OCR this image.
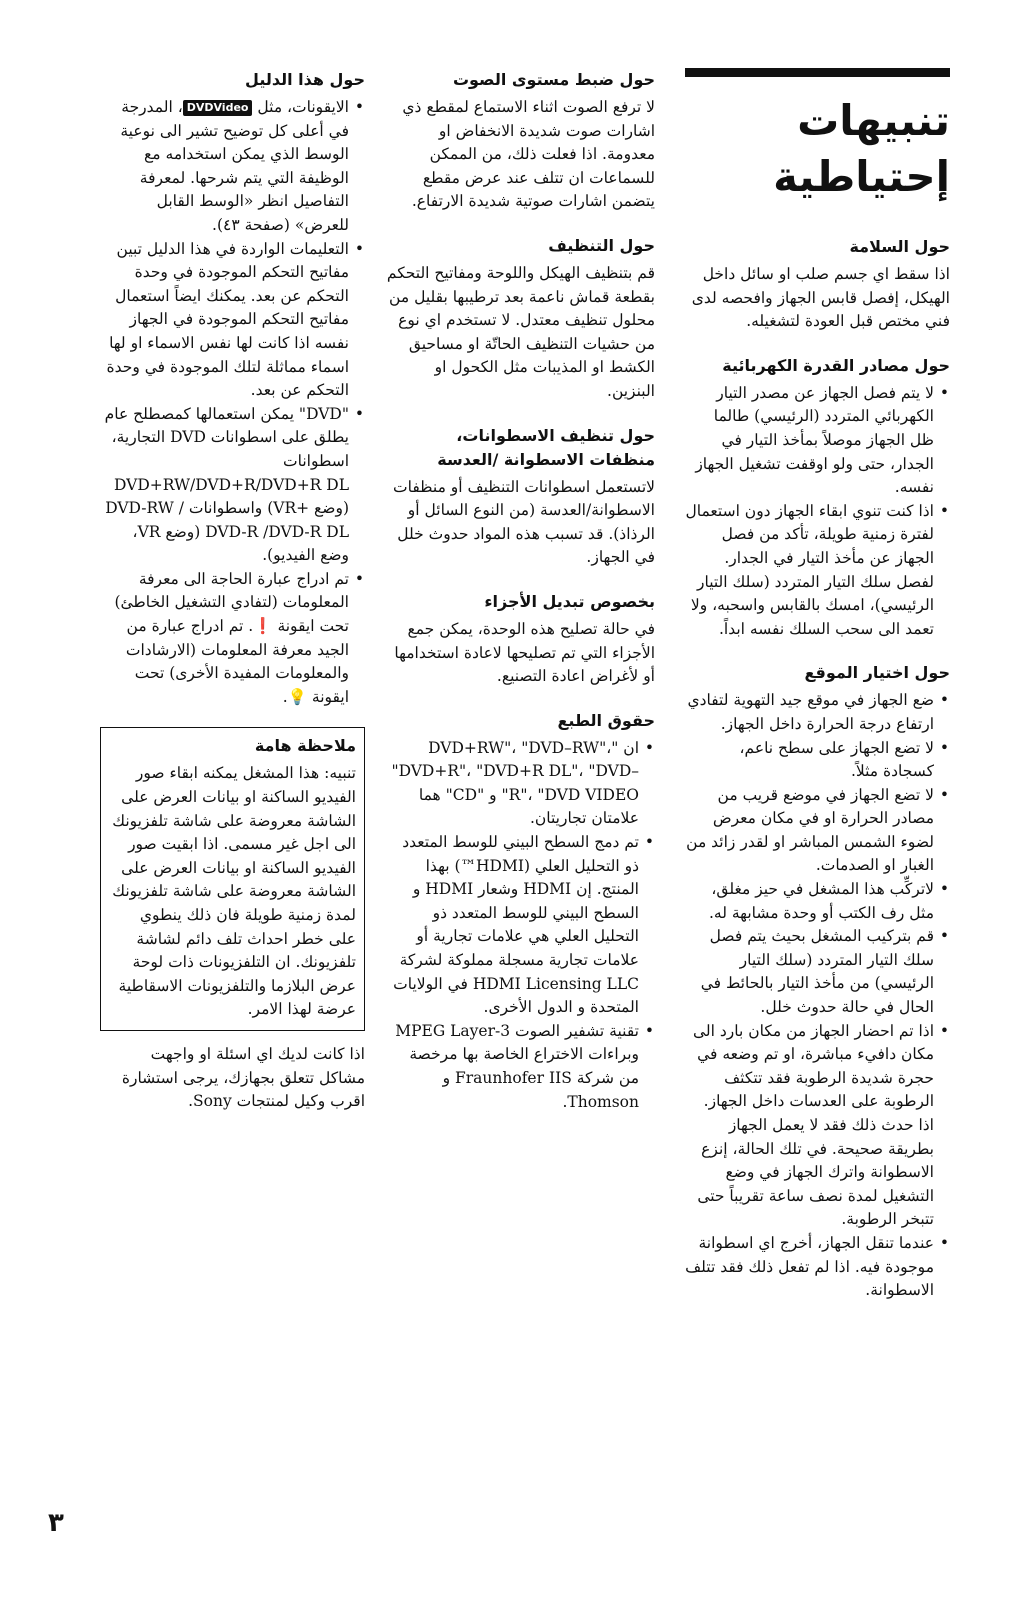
تنبيهات إحتياطية
حول السلامة

اذا سقط اي جسم صلب او سائل داخل الهيكل، إفصل قابس الجهاز وافحصه لدى فني مختص قبل العودة لتشغيله.

حول مصادر القدرة الكهربائية
• لا يتم فصل الجهاز عن مصدر التيار الكهربائي المتردد (الرئيسي) طالما ظل الجهاز موصلاً بمأخذ التيار في الجدار، حتى ولو اوقفت تشغيل الجهاز نفسه.
• اذا كنت تنوي ابقاء الجهاز دون استعمال لفترة زمنية طويلة، تأكد من فصل الجهاز عن مأخذ التيار في الجدار. لفصل سلك التيار المتردد (سلك التيار الرئيسي)، امسك بالقابس واسحبه، ولا تعمد الى سحب السلك نفسه ابداً.
حول اختيار الموقع
• ضع الجهاز في موقع جيد التهوية لتفادي ارتفاع درجة الحرارة داخل الجهاز.
• لا تضع الجهاز على سطح ناعم، كسجادة مثلاً.
• لا تضع الجهاز في موضع قريب من مصادر الحرارة او في مكان معرض لضوء الشمس المباشر او لقدر زائد من الغبار او الصدمات.
• لاتركِّب هذا المشغل في حيز مغلق، مثل رف الكتب أو وحدة مشابهة له.
• قم بتركيب المشغل بحيث يتم فصل سلك التيار المتردد (سلك التيار الرئيسي) من مأخذ التيار بالحائط في الحال في حالة حدوث خلل.
• اذا تم احضار الجهاز من مكان بارد الى مكان دافيء مباشرة، او تم وضعه في حجرة شديدة الرطوبة فقد تتكثف الرطوبة على العدسات داخل الجهاز. اذا حدث ذلك فقد لا يعمل الجهاز بطريقة صحيحة. في تلك الحالة، إنزع الاسطوانة واترك الجهاز في وضع التشغيل لمدة نصف ساعة تقريباً حتى تتبخر الرطوبة.
• عندما تنقل الجهاز، أخرج اي اسطوانة موجودة فيه. اذا لم تفعل ذلك فقد تتلف الاسطوانة.
حول ضبط مستوى الصوت

لا ترفع الصوت اثناء الاستماع لمقطع ذي اشارات صوت شديدة الانخفاض او معدومة. اذا فعلت ذلك، من الممكن للسماعات ان تتلف عند عرض مقطع يتضمن اشارات صوتية شديدة الارتفاع.

حول التنظيف

قم بتنظيف الهيكل واللوحة ومفاتيح التحكم بقطعة قماش ناعمة بعد ترطيبها بقليل من محلول تنظيف معتدل. لا تستخدم اي نوع من حشيات التنظيف الحاتّة او مساحيق الكشط او المذيبات مثل الكحول او البنزين.

حول تنظيف الاسطوانات،
منظفات الاسطوانة /العدسة

لاتستعمل اسطوانات التنظيف أو منظفات الاسطوانة/العدسة (من النوع السائل أو الرذاذ). قد تسبب هذه المواد حدوث خلل في الجهاز.

بخصوص تبديل الأجزاء

في حالة تصليح هذه الوحدة، يمكن جمع الأجزاء التي تم تصليحها لاعادة استخدامها أو لأغراض اعادة التصنيع.

حقوق الطبع
• ان "DVD+RW"، "DVD–RW"، "DVD+R"، "DVD+R DL"، "DVD–R"، "DVD VIDEO" و "CD" هما علامتان تجاريتان.
• تم دمج السطح البيني للوسط المتعدد ذو التحليل العلي (HDMI™) بهذا المنتج. إن HDMI وشعار HDMI و السطح البيني للوسط المتعدد ذو التحليل العلي هي علامات تجارية أو علامات تجارية مسجلة مملوكة لشركة HDMI Licensing LLC في الولايات المتحدة و الدول الأخرى.
• تقنية تشفير الصوت MPEG Layer-3 وبراءات الاختراع الخاصة بها مرخصة من شركة Fraunhofer IIS و Thomson.
حول هذا الدليل
• الايقونات، مثل DVDVideo، المدرجة في أعلى كل توضيح تشير الى نوعية الوسط الذي يمكن استخدامه مع الوظيفة التي يتم شرحها. لمعرفة التفاصيل انظر «الوسط القابل للعرض» (صفحة ٤٣).
• التعليمات الواردة في هذا الدليل تبين مفاتيح التحكم الموجودة في وحدة التحكم عن بعد. يمكنك ايضاً استعمال مفاتيح التحكم الموجودة في الجهاز نفسه اذا كانت لها نفس الاسماء او لها اسماء مماثلة لتلك الموجودة في وحدة التحكم عن بعد.
• "DVD" يمكن استعمالها كمصطلح عام يطلق على اسطوانات DVD التجارية، اسطوانات DVD+RW/DVD+R/DVD+R DL (وضع +VR) واسطوانات DVD-RW / DVD-R /DVD-R DL (وضع VR، وضع الفيديو).
• تم ادراج عبارة الحاجة الى معرفة المعلومات (لتفادي التشغيل الخاطئ) تحت ايقونة ❗. تم ادراج عبارة من الجيد معرفة المعلومات (الارشادات والمعلومات المفيدة الأخرى) تحت ايقونة 💡.
ملاحظة هامة

تنبيه: هذا المشغل يمكنه ابقاء صور الفيديو الساكنة او بيانات العرض على الشاشة معروضة على شاشة تلفزيونك الى اجل غير مسمى. اذا ابقيت صور الفيديو الساكنة او بيانات العرض على الشاشة معروضة على شاشة تلفزيونك لمدة زمنية طويلة فان ذلك ينطوي على خطر احداث تلف دائم لشاشة تلفزيونك. ان التلفزيونات ذات لوحة عرض البلازما والتلفزيونات الاسقاطية عرضة لهذا الامر.

اذا كانت لديك اي اسئلة او واجهت مشاكل تتعلق بجهازك، يرجى استشارة اقرب وكيل لمنتجات Sony.

٣
